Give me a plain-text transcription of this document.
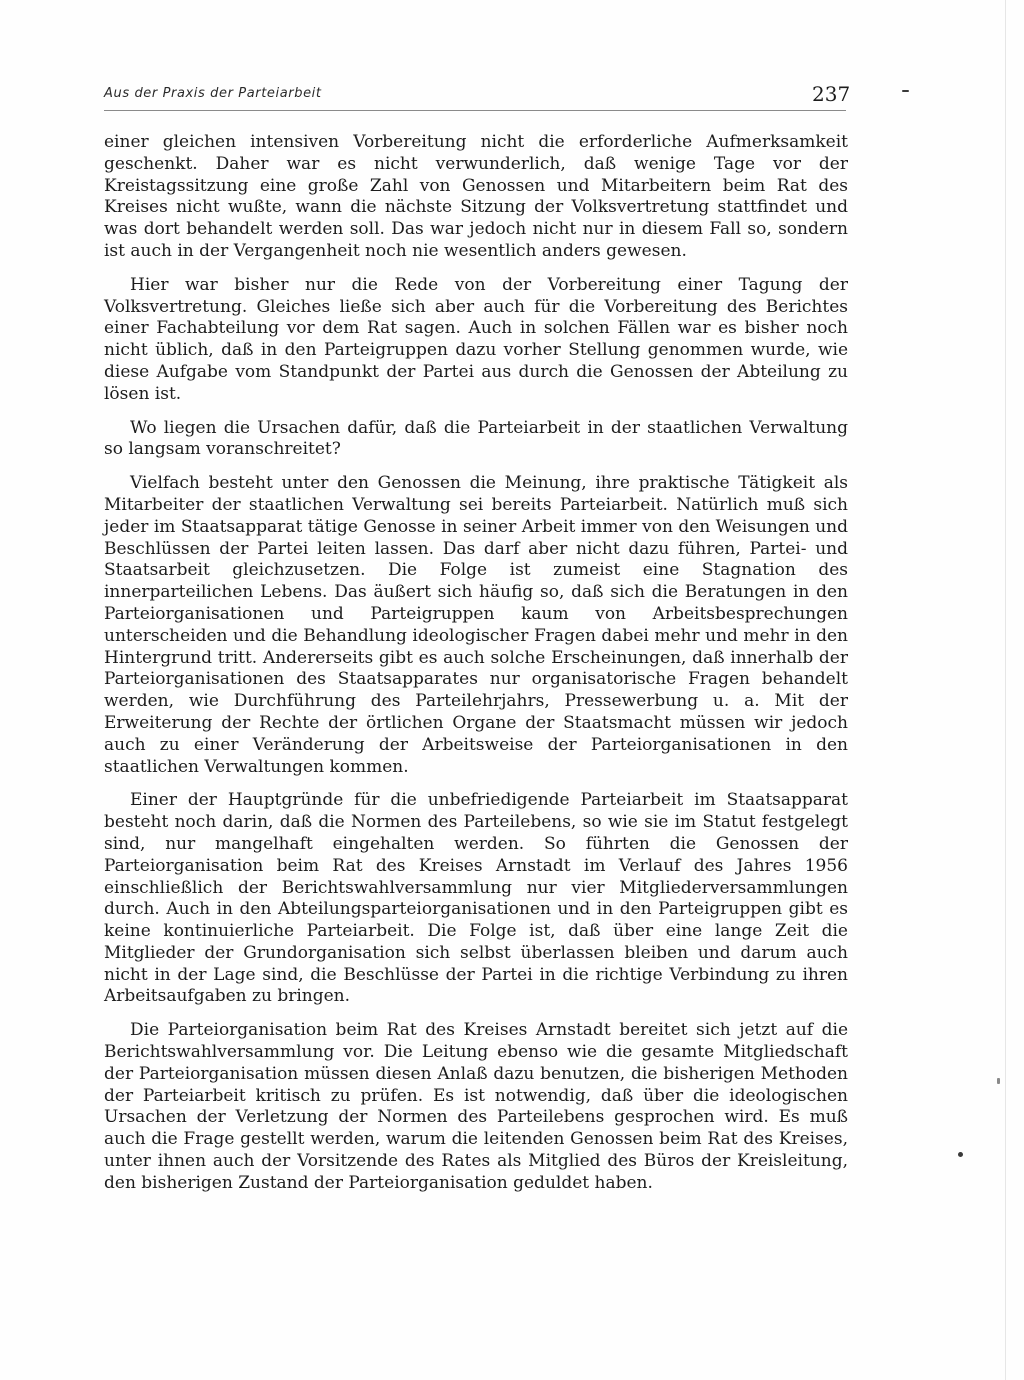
Aus der Praxis der Parteiarbeit	237

einer gleichen intensiven Vorbereitung nicht die erforderliche Aufmerksamkeit geschenkt. Daher war es nicht verwunderlich, daß wenige Tage vor der Kreistagssitzung eine große Zahl von Genossen und Mitarbeitern beim Rat des Kreises nicht wußte, wann die nächste Sitzung der Volksvertretung stattfindet und was dort behandelt werden soll. Das war jedoch nicht nur in diesem Fall so, sondern ist auch in der Vergangenheit noch nie wesentlich anders gewesen.

Hier war bisher nur die Rede von der Vorbereitung einer Tagung der Volksvertretung. Gleiches ließe sich aber auch für die Vorbereitung des Berichtes einer Fachabteilung vor dem Rat sagen. Auch in solchen Fällen war es bisher noch nicht üblich, daß in den Parteigruppen dazu vorher Stellung genommen wurde, wie diese Aufgabe vom Standpunkt der Partei aus durch die Genossen der Abteilung zu lösen ist.

Wo liegen die Ursachen dafür, daß die Parteiarbeit in der staatlichen Verwaltung so langsam voranschreitet?

Vielfach besteht unter den Genossen die Meinung, ihre praktische Tätigkeit als Mitarbeiter der staatlichen Verwaltung sei bereits Parteiarbeit. Natürlich muß sich jeder im Staatsapparat tätige Genosse in seiner Arbeit immer von den Weisungen und Beschlüssen der Partei leiten lassen. Das darf aber nicht dazu führen, Partei- und Staatsarbeit gleichzusetzen. Die Folge ist zumeist eine Stagnation des innerparteilichen Lebens. Das äußert sich häufig so, daß sich die Beratungen in den Parteiorganisationen und Parteigruppen kaum von Arbeitsbesprechungen unterscheiden und die Behandlung ideologischer Fragen dabei mehr und mehr in den Hintergrund tritt. Andererseits gibt es auch solche Erscheinungen, daß innerhalb der Parteiorganisationen des Staatsapparates nur organisatorische Fragen behandelt werden, wie Durchführung des Parteilehrjahrs, Pressewerbung u. a. Mit der Erweiterung der Rechte der örtlichen Organe der Staatsmacht müssen wir jedoch auch zu einer Veränderung der Arbeitsweise der Parteiorganisationen in den staatlichen Verwaltungen kommen.

Einer der Hauptgründe für die unbefriedigende Parteiarbeit im Staatsapparat besteht noch darin, daß die Normen des Parteilebens, so wie sie im Statut festgelegt sind, nur mangelhaft eingehalten werden. So führten die Genossen der Parteiorganisation beim Rat des Kreises Arnstadt im Verlauf des Jahres 1956 einschließlich der Berichtswahlversammlung nur vier Mitgliederversammlungen durch. Auch in den Abteilungsparteiorganisationen und in den Parteigruppen gibt es keine kontinuierliche Parteiarbeit. Die Folge ist, daß über eine lange Zeit die Mitglieder der Grundorganisation sich selbst überlassen bleiben und darum auch nicht in der Lage sind, die Beschlüsse der Partei in die richtige Verbindung zu ihren Arbeitsaufgaben zu bringen.

Die Parteiorganisation beim Rat des Kreises Arnstadt bereitet sich jetzt auf die Berichtswahlversammlung vor. Die Leitung ebenso wie die gesamte Mitgliedschaft der Parteiorganisation müssen diesen Anlaß dazu benutzen, die bisherigen Methoden der Parteiarbeit kritisch zu prüfen. Es ist notwendig, daß über die ideologischen Ursachen der Verletzung der Normen des Parteilebens gesprochen wird. Es muß auch die Frage gestellt werden, warum die leitenden Genossen beim Rat des Kreises, unter ihnen auch der Vorsitzende des Rates als Mitglied des Büros der Kreisleitung, den bisherigen Zustand der Parteiorganisation geduldet haben.
